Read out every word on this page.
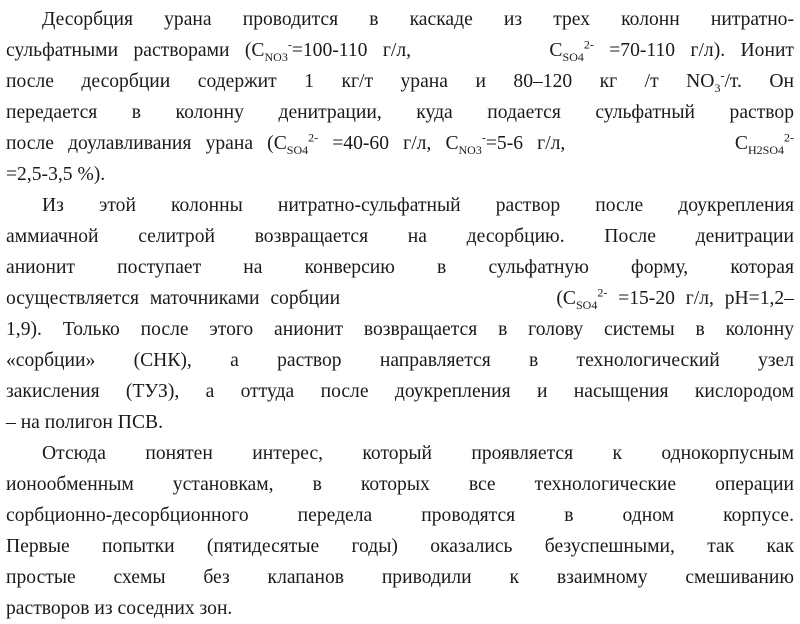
Десорбция урана проводится в каскаде из трех колонн нитратно-
сульфатными растворами ($C_{NO3}^-=100-110$ г/л,         $C_{SO4}^{2-} =70-110$ г/л). Ионит
после десорбции содержит 1 кг/т урана и 80–120 кг /т $NO_3^-/т$. Он
передается в колонну денитрации, куда подается сульфатный раствор
после доулавливания урана ($C_{SO4}^{2-} =40-60$ г/л, $C_{NO3}^-=5-6$ г/л,            $C_{H2SO4}^{2-}$
=2,5-3,5 %).

Из этой колонны нитратно-сульфатный раствор после доукрепления
аммиачной селитрой возвращается на десорбцию. После денитрации
анионит поступает на конверсию в сульфатную форму, которая
осуществляется маточниками сорбции                    ($C_{SO4}^{2-} =15-20$ г/л, pH=1,2–
1,9). Только после этого анионит возвращается в голову системы в колонну
«сорбции» (СНК), а раствор направляется в технологический узел
закисления (ТУЗ), а оттуда после доукрепления и насыщения кислородом
– на полигон ПСВ.

Отсюда понятен интерес, который проявляется к однокорпусным
ионообменным установкам, в которых все технологические операции
сорбционно-десорбционного передела проводятся в одном корпусе.
Первые попытки (пятидесятые годы) оказались безуспешными, так как
простые схемы без клапанов приводили к взаимному смешиванию
растворов из соседних зон.
